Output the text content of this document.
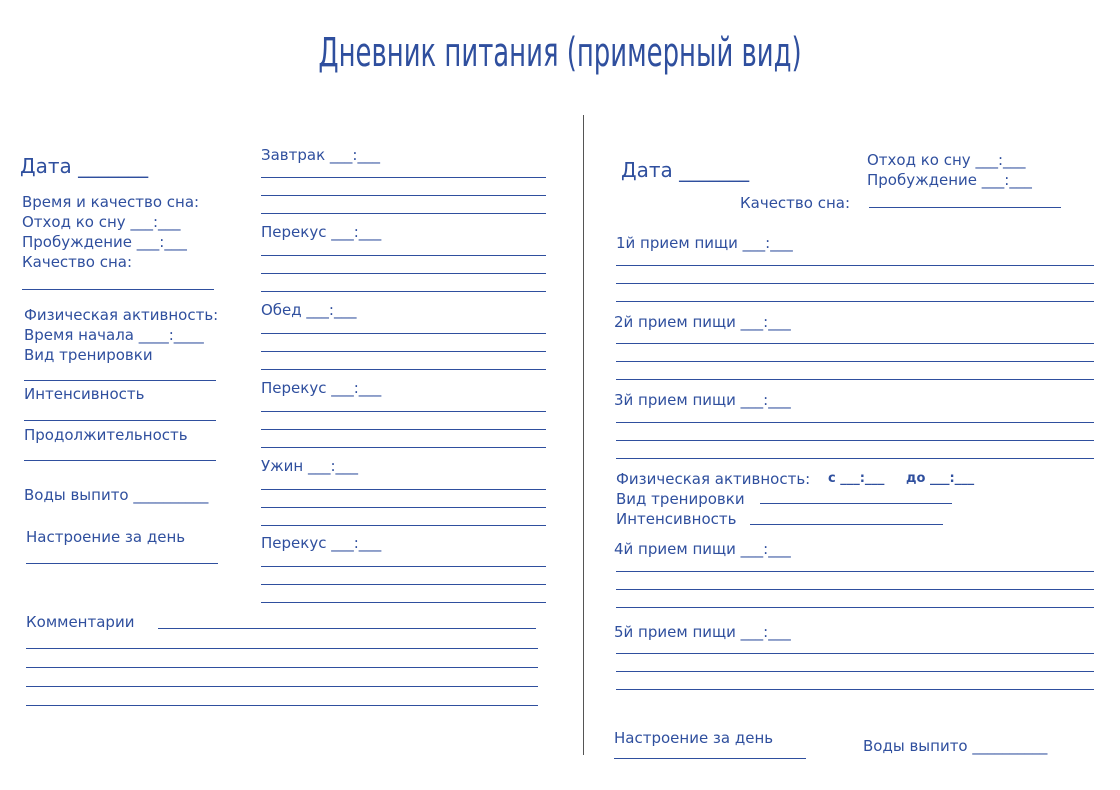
Дневник питания (примерный вид)
Дата _______
Время и качество сна:
Отход ко сну ___:___
Пробуждение ___:___
Качество сна:
Физическая активность:
Время начала ____:____
Вид тренировки
Интенсивность
Продолжительность
Воды выпито __________
Настроение за день
Завтрак ___:___
Перекус ___:___
Обед ___:___
Перекус ___:___
Ужин ___:___
Перекус ___:___
Комментарии
Дата _______	Отход ко сну ___:___
Пробуждение ___:___
Качество сна:
1й прием пищи ___:___
2й прием пищи ___:___
3й прием пищи ___:___
Физическая активность: с ___:___ до ___:___
Вид тренировки
Интенсивность
4й прием пищи ___:___
5й прием пищи ___:___
Настроение за день	Воды выпито __________
